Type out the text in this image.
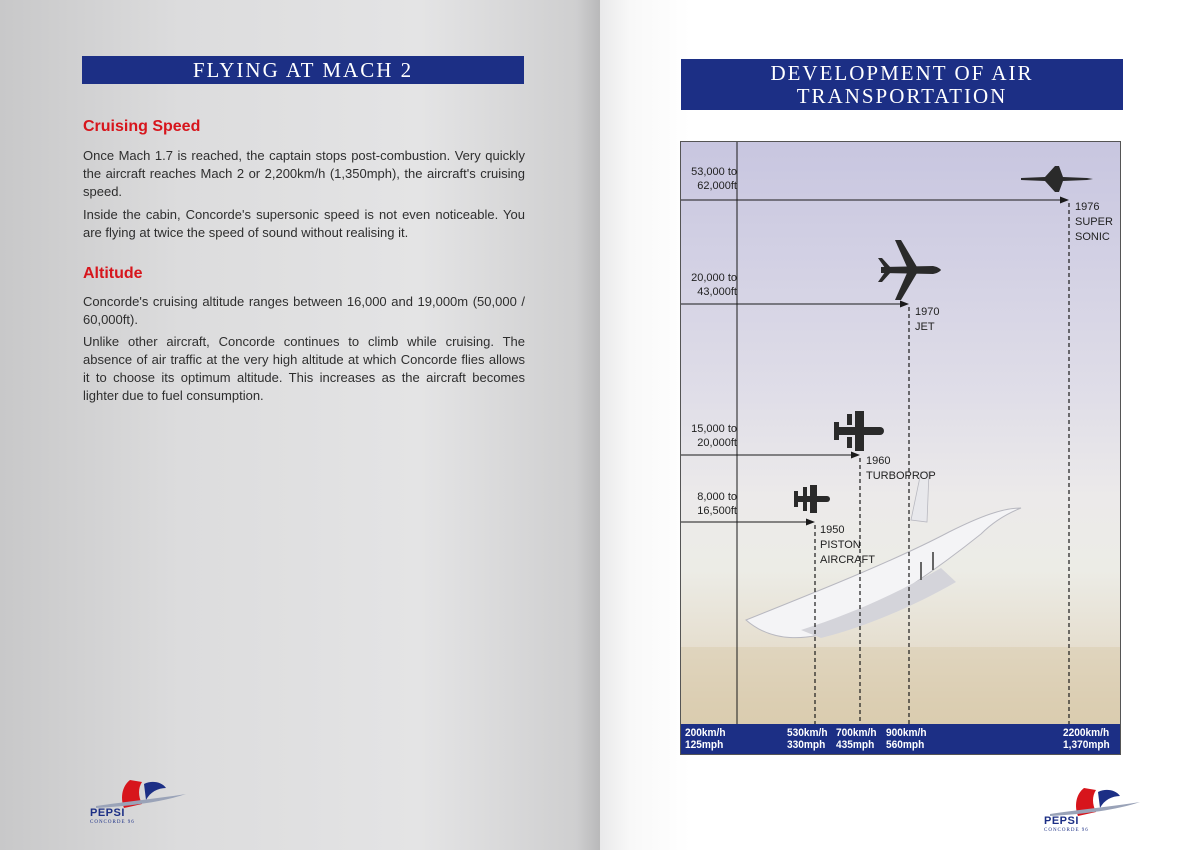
FLYING AT MACH 2
Cruising Speed

Once Mach 1.7 is reached, the captain stops post-combustion. Very quickly the aircraft reaches Mach 2 or 2,200km/h (1,350mph), the aircraft's cruising speed.

Inside the cabin, Concorde's supersonic speed is not even noticeable. You are flying at twice the speed of sound without realising it.

Altitude

Concorde's cruising altitude ranges between 16,000 and 19,000m (50,000 / 60,000ft).

Unlike other aircraft, Concorde continues to climb while cruising. The absence of air traffic at the very high altitude at which Concorde flies allows it to choose its optimum altitude. This increases as the aircraft becomes lighter due to fuel consumption.

PEPSI
CONCORDE 96
DEVELOPMENT OF AIR
TRANSPORTATION
200km/h
125mph
530km/h
330mph
700km/h
435mph
900km/h
560mph
2200km/h
1,370mph
53,000 to
62,000ft
20,000 to
43,000ft
15,000 to
20,000ft
8,000 to
16,500ft
1976
SUPER
SONIC
1970
JET
1960
TURBOPROP
1950
PISTON
AIRCRAFT
PEPSI
CONCORDE 96
